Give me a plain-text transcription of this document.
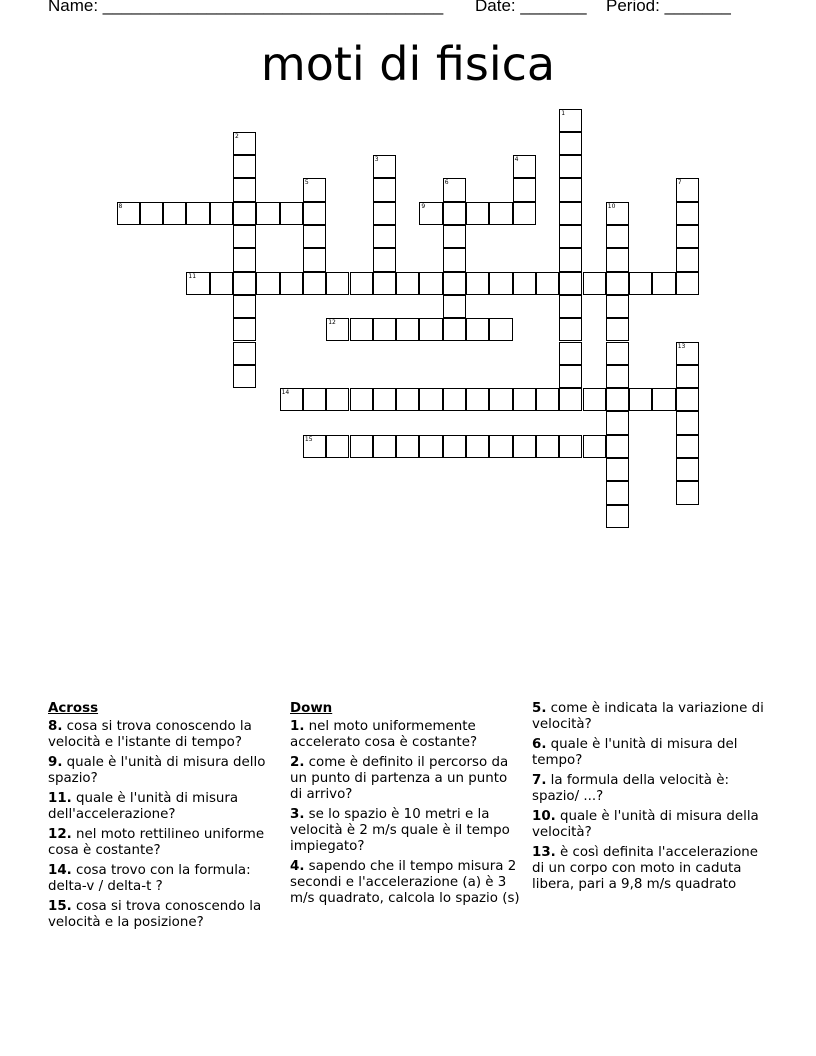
Name: ____________________________________ Date: _______ Period: _______
moti di fisica
1
2
3	4
5	6	7
8	9	10
11
12
13
14
15
Across
8. cosa si trova conoscendo la velocità e l'istante di tempo?
9. quale è l'unità di misura dello spazio?
11. quale è l'unità di misura dell'accelerazione?
12. nel moto rettilineo uniforme cosa è costante?
14. cosa trovo con la formula: delta-v / delta-t ?
15. cosa si trova conoscendo la velocità e la posizione?
Down
1. nel moto uniformemente accelerato cosa è costante?
2. come è definito il percorso da un punto di partenza a un punto di arrivo?
3. se lo spazio è 10 metri e la velocità è 2 m/s quale è il tempo impiegato?
4. sapendo che il tempo misura 2 secondi e l'accelerazione (a) è 3 m/s quadrato, calcola lo spazio (s)
5. come è indicata la variazione di velocità?
6. quale è l'unità di misura del tempo?
7. la formula della velocità è: spazio/ ...?
10. quale è l'unità di misura della velocità?
13. è così definita l'accelerazione di un corpo con moto in caduta libera, pari a 9,8 m/s quadrato
